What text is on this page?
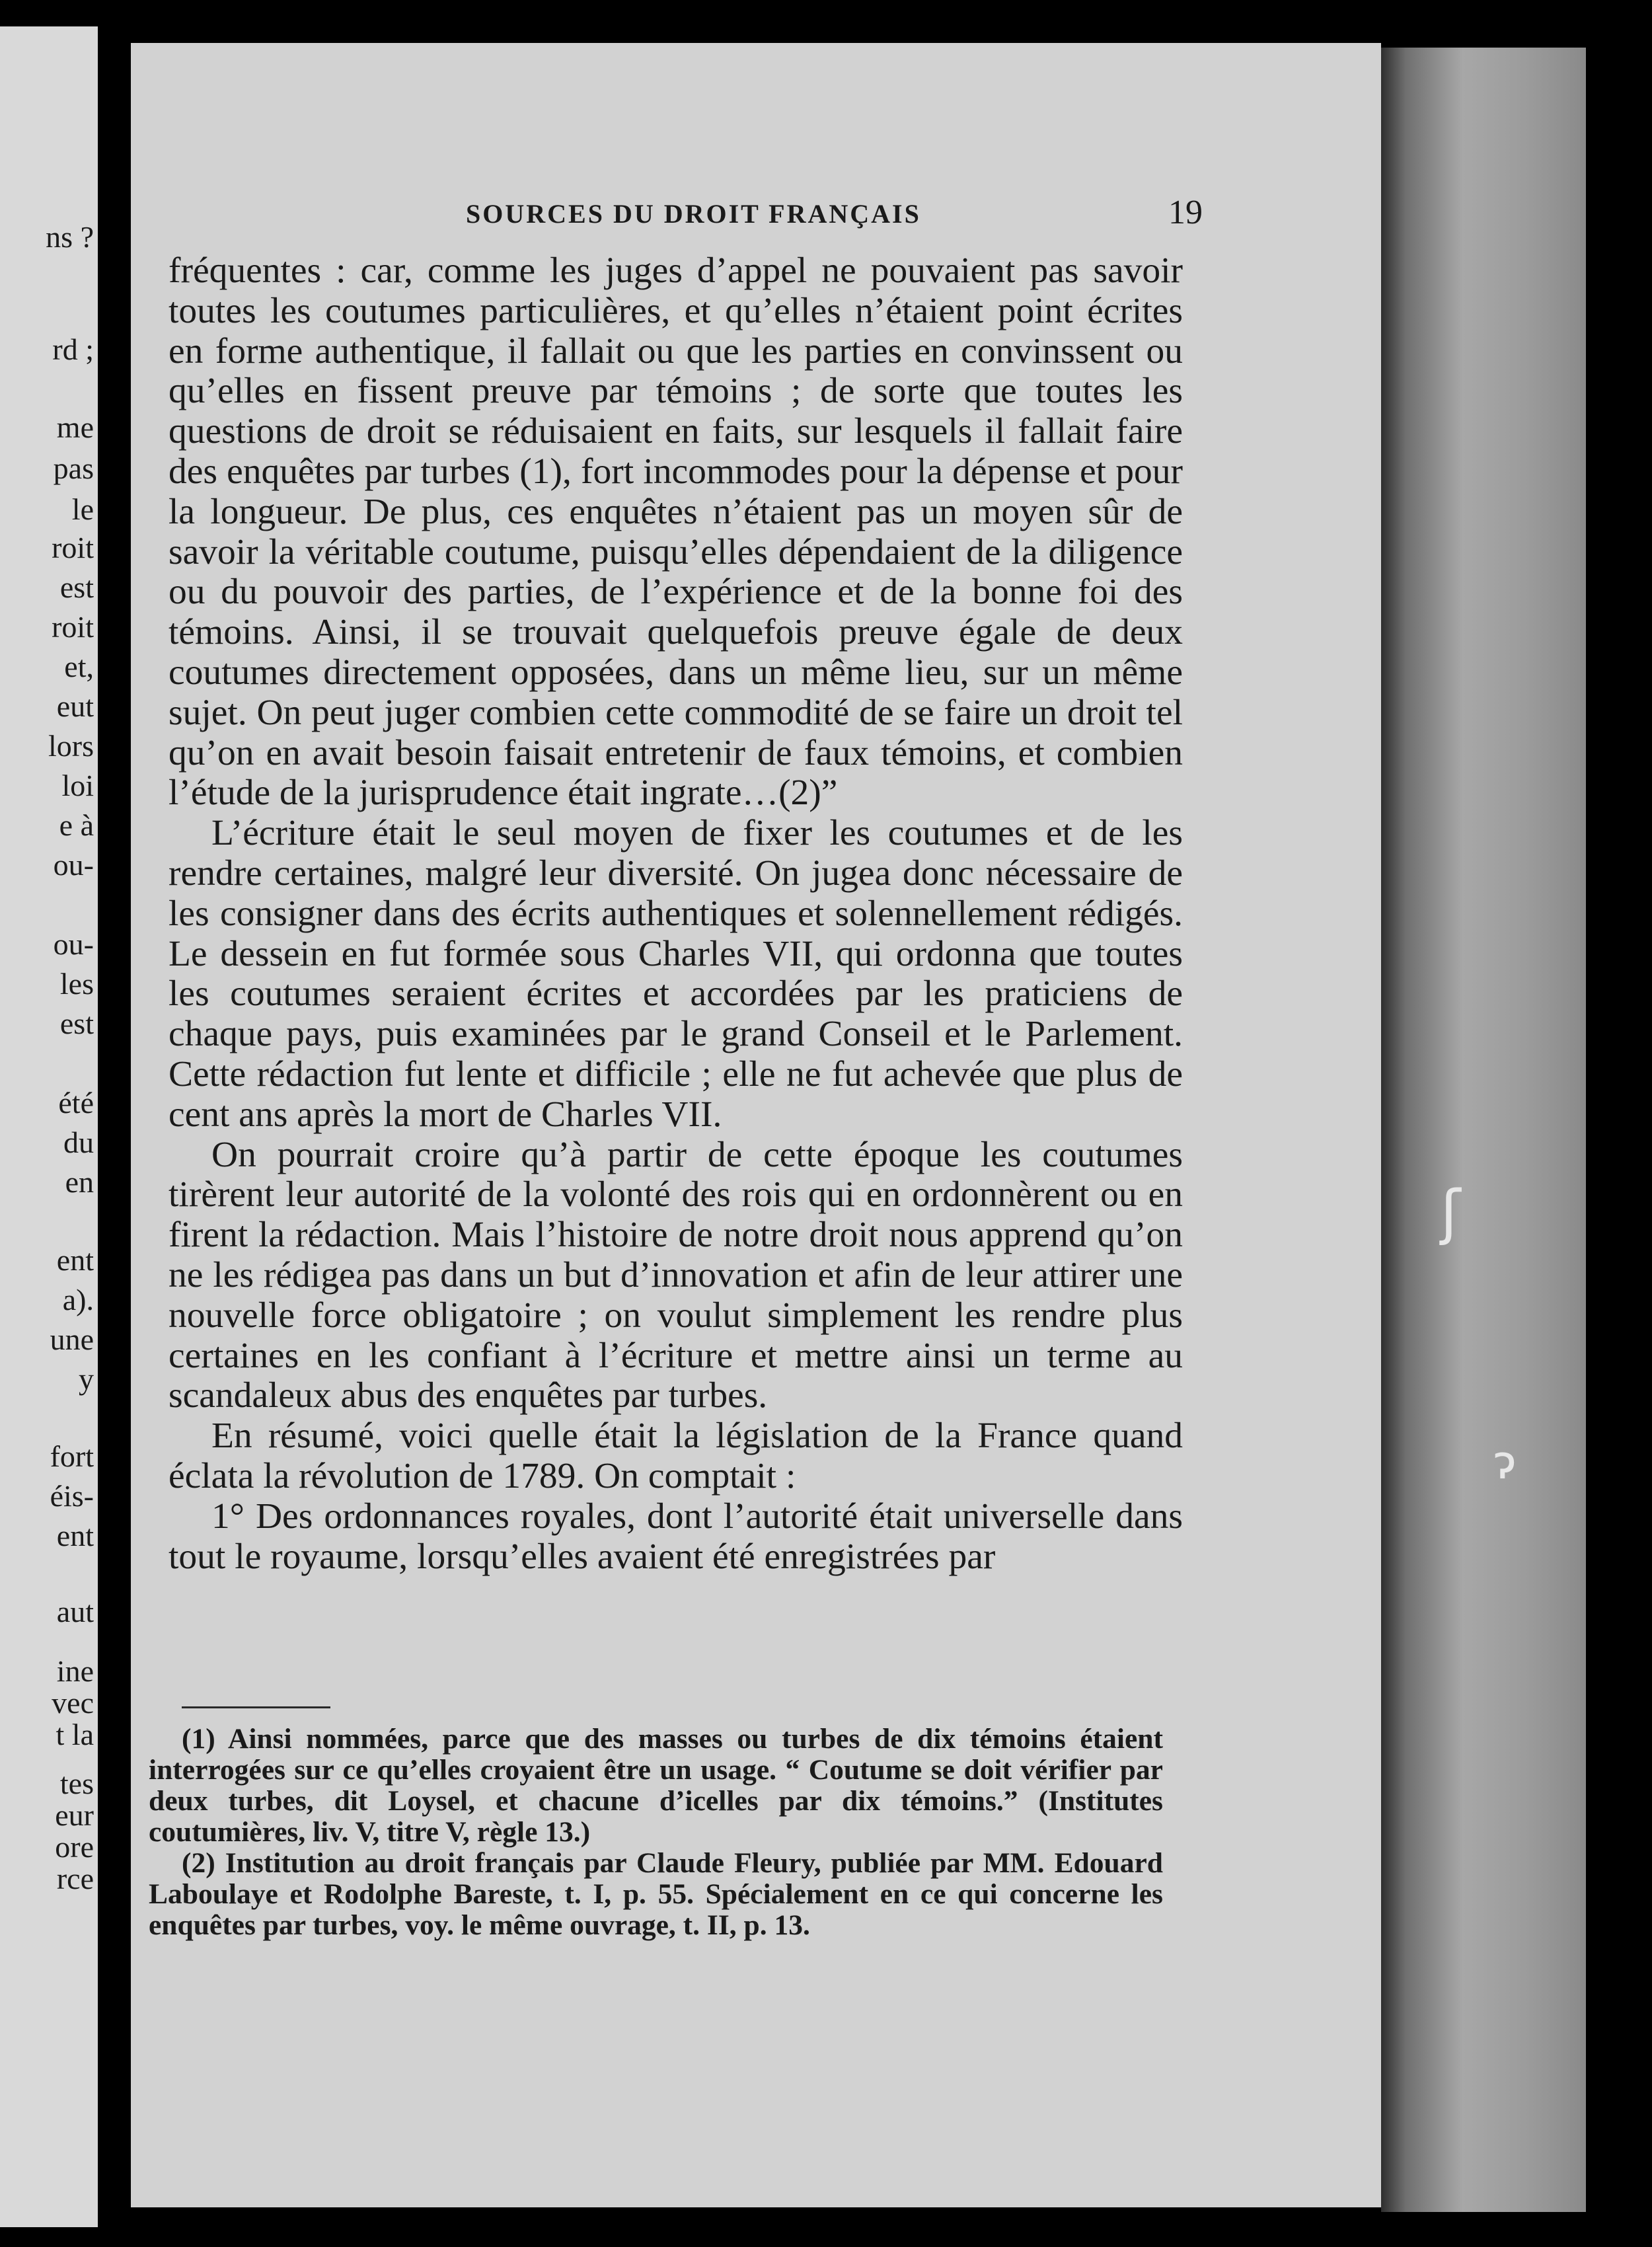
ns ?
rd ;
me
pas
le
roit
est
roit
et,
eut
lors
loi
e à
ou-
ou-
les
est
été
du
en
ent
a).
une
y
fort
éis-
ent
aut
ine
vec
t la
tes
eur
ore
rce
ʃ
ɂ
SOURCES DU DROIT FRANÇAIS	19

fréquentes : car, comme les juges d’appel ne pouvaient pas savoir toutes les coutumes particulières, et qu’elles n’étaient point écrites en forme authentique, il fallait ou que les parties en convinssent ou qu’elles en fissent preuve par témoins ; de sorte que toutes les questions de droit se réduisaient en faits, sur lesquels il fallait faire des enquêtes par turbes (1), fort incommodes pour la dépense et pour la longueur. De plus, ces enquêtes n’étaient pas un moyen sûr de savoir la véritable coutume, puisqu’elles dépendaient de la diligence ou du pouvoir des parties, de l’expérience et de la bonne foi des témoins. Ainsi, il se trouvait quelquefois preuve égale de deux coutumes directement opposées, dans un même lieu, sur un même sujet. On peut juger combien cette commodité de se faire un droit tel qu’on en avait besoin faisait entretenir de faux témoins, et combien l’étude de la jurisprudence était ingrate…(2)”

L’écriture était le seul moyen de fixer les coutumes et de les rendre certaines, malgré leur diversité. On jugea donc nécessaire de les consigner dans des écrits authentiques et solennellement rédigés. Le dessein en fut formée sous Charles VII, qui ordonna que toutes les coutumes seraient écrites et accordées par les praticiens de chaque pays, puis examinées par le grand Conseil et le Parlement. Cette rédaction fut lente et difficile ; elle ne fut achevée que plus de cent ans après la mort de Charles VII.

On pourrait croire qu’à partir de cette époque les coutumes tirèrent leur autorité de la volonté des rois qui en ordonnèrent ou en firent la rédaction. Mais l’histoire de notre droit nous apprend qu’on ne les rédigea pas dans un but d’innovation et afin de leur attirer une nouvelle force obligatoire ; on voulut simplement les rendre plus certaines en les confiant à l’écriture et mettre ainsi un terme au scandaleux abus des enquêtes par turbes.

En résumé, voici quelle était la législation de la France quand éclata la révolution de 1789. On comptait :

1° Des ordonnances royales, dont l’autorité était universelle dans tout le royaume, lorsqu’elles avaient été enregistrées par

(1) Ainsi nommées, parce que des masses ou turbes de dix témoins étaient interrogées sur ce qu’elles croyaient être un usage. “ Coutume se doit vérifier par deux turbes, dit Loysel, et chacune d’icelles par dix témoins.” (Institutes coutumières, liv. V, titre V, règle 13.)

(2) Institution au droit français par Claude Fleury, publiée par MM. Edouard Laboulaye et Rodolphe Bareste, t. I, p. 55. Spécialement en ce qui concerne les enquêtes par turbes, voy. le même ouvrage, t. II, p. 13.
